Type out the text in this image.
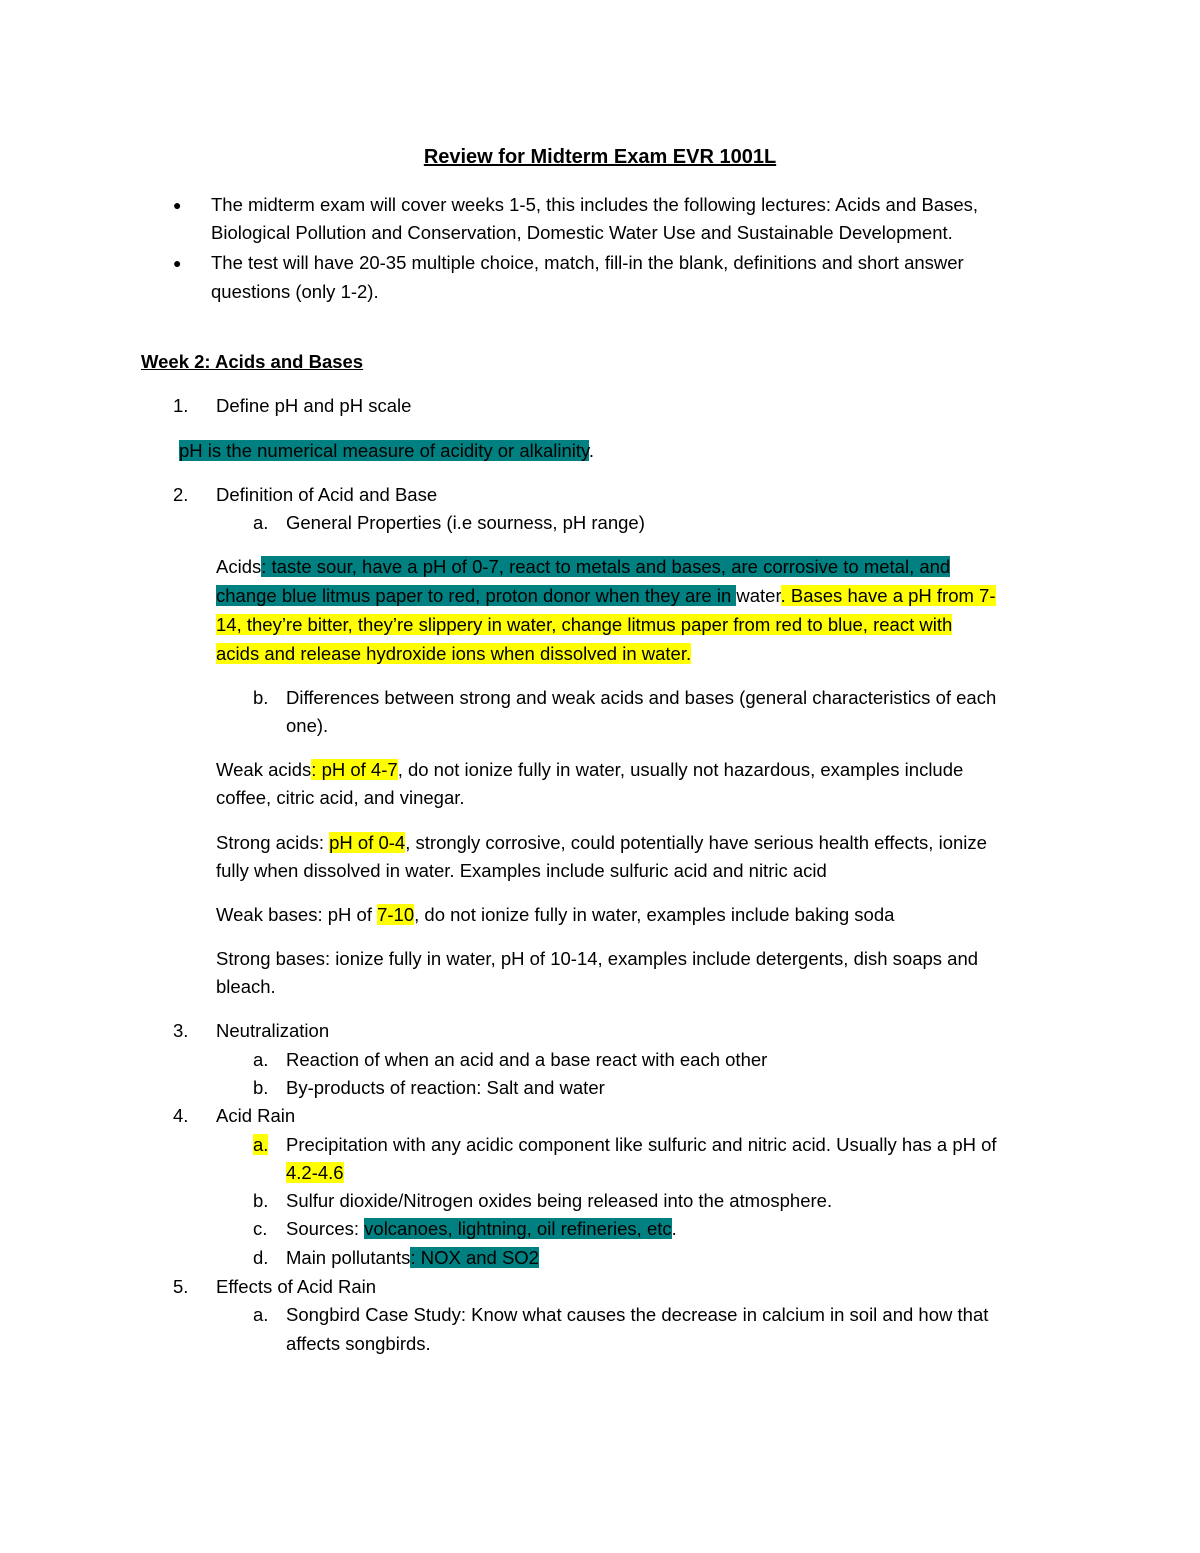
Review for Midterm Exam EVR 1001L
● The midterm exam will cover weeks 1-5, this includes the following lectures: Acids and Bases,
Biological Pollution and Conservation, Domestic Water Use and Sustainable Development.
● The test will have 20-35 multiple choice, match, fill-in the blank, definitions and short answer
questions (only 1-2).
Week 2: Acids and Bases
1. Define pH and pH scale
pH is the numerical measure of acidity or alkalinity.
2. Definition of Acid and Base
a. General Properties (i.e sourness, pH range)
Acids: taste sour, have a pH of 0-7, react to metals and bases, are corrosive to metal, and
change blue litmus paper to red, proton donor when they are in water. Bases have a pH from 7-
14, they’re bitter, they’re slippery in water, change litmus paper from red to blue, react with
acids and release hydroxide ions when dissolved in water.
b. Differences between strong and weak acids and bases (general characteristics of each
one).
Weak acids: pH of 4-7, do not ionize fully in water, usually not hazardous, examples include
coffee, citric acid, and vinegar.
Strong acids: pH of 0-4, strongly corrosive, could potentially have serious health effects, ionize
fully when dissolved in water. Examples include sulfuric acid and nitric acid
Weak bases: pH of 7-10, do not ionize fully in water, examples include baking soda
Strong bases: ionize fully in water, pH of 10-14, examples include detergents, dish soaps and
bleach.
3. Neutralization
a. Reaction of when an acid and a base react with each other
b. By-products of reaction: Salt and water
4. Acid Rain
a. Precipitation with any acidic component like sulfuric and nitric acid. Usually has a pH of
4.2-4.6
b. Sulfur dioxide/Nitrogen oxides being released into the atmosphere.
c. Sources: volcanoes, lightning, oil refineries, etc.
d. Main pollutants: NOX and SO2
5. Effects of Acid Rain
a. Songbird Case Study: Know what causes the decrease in calcium in soil and how that
affects songbirds.
